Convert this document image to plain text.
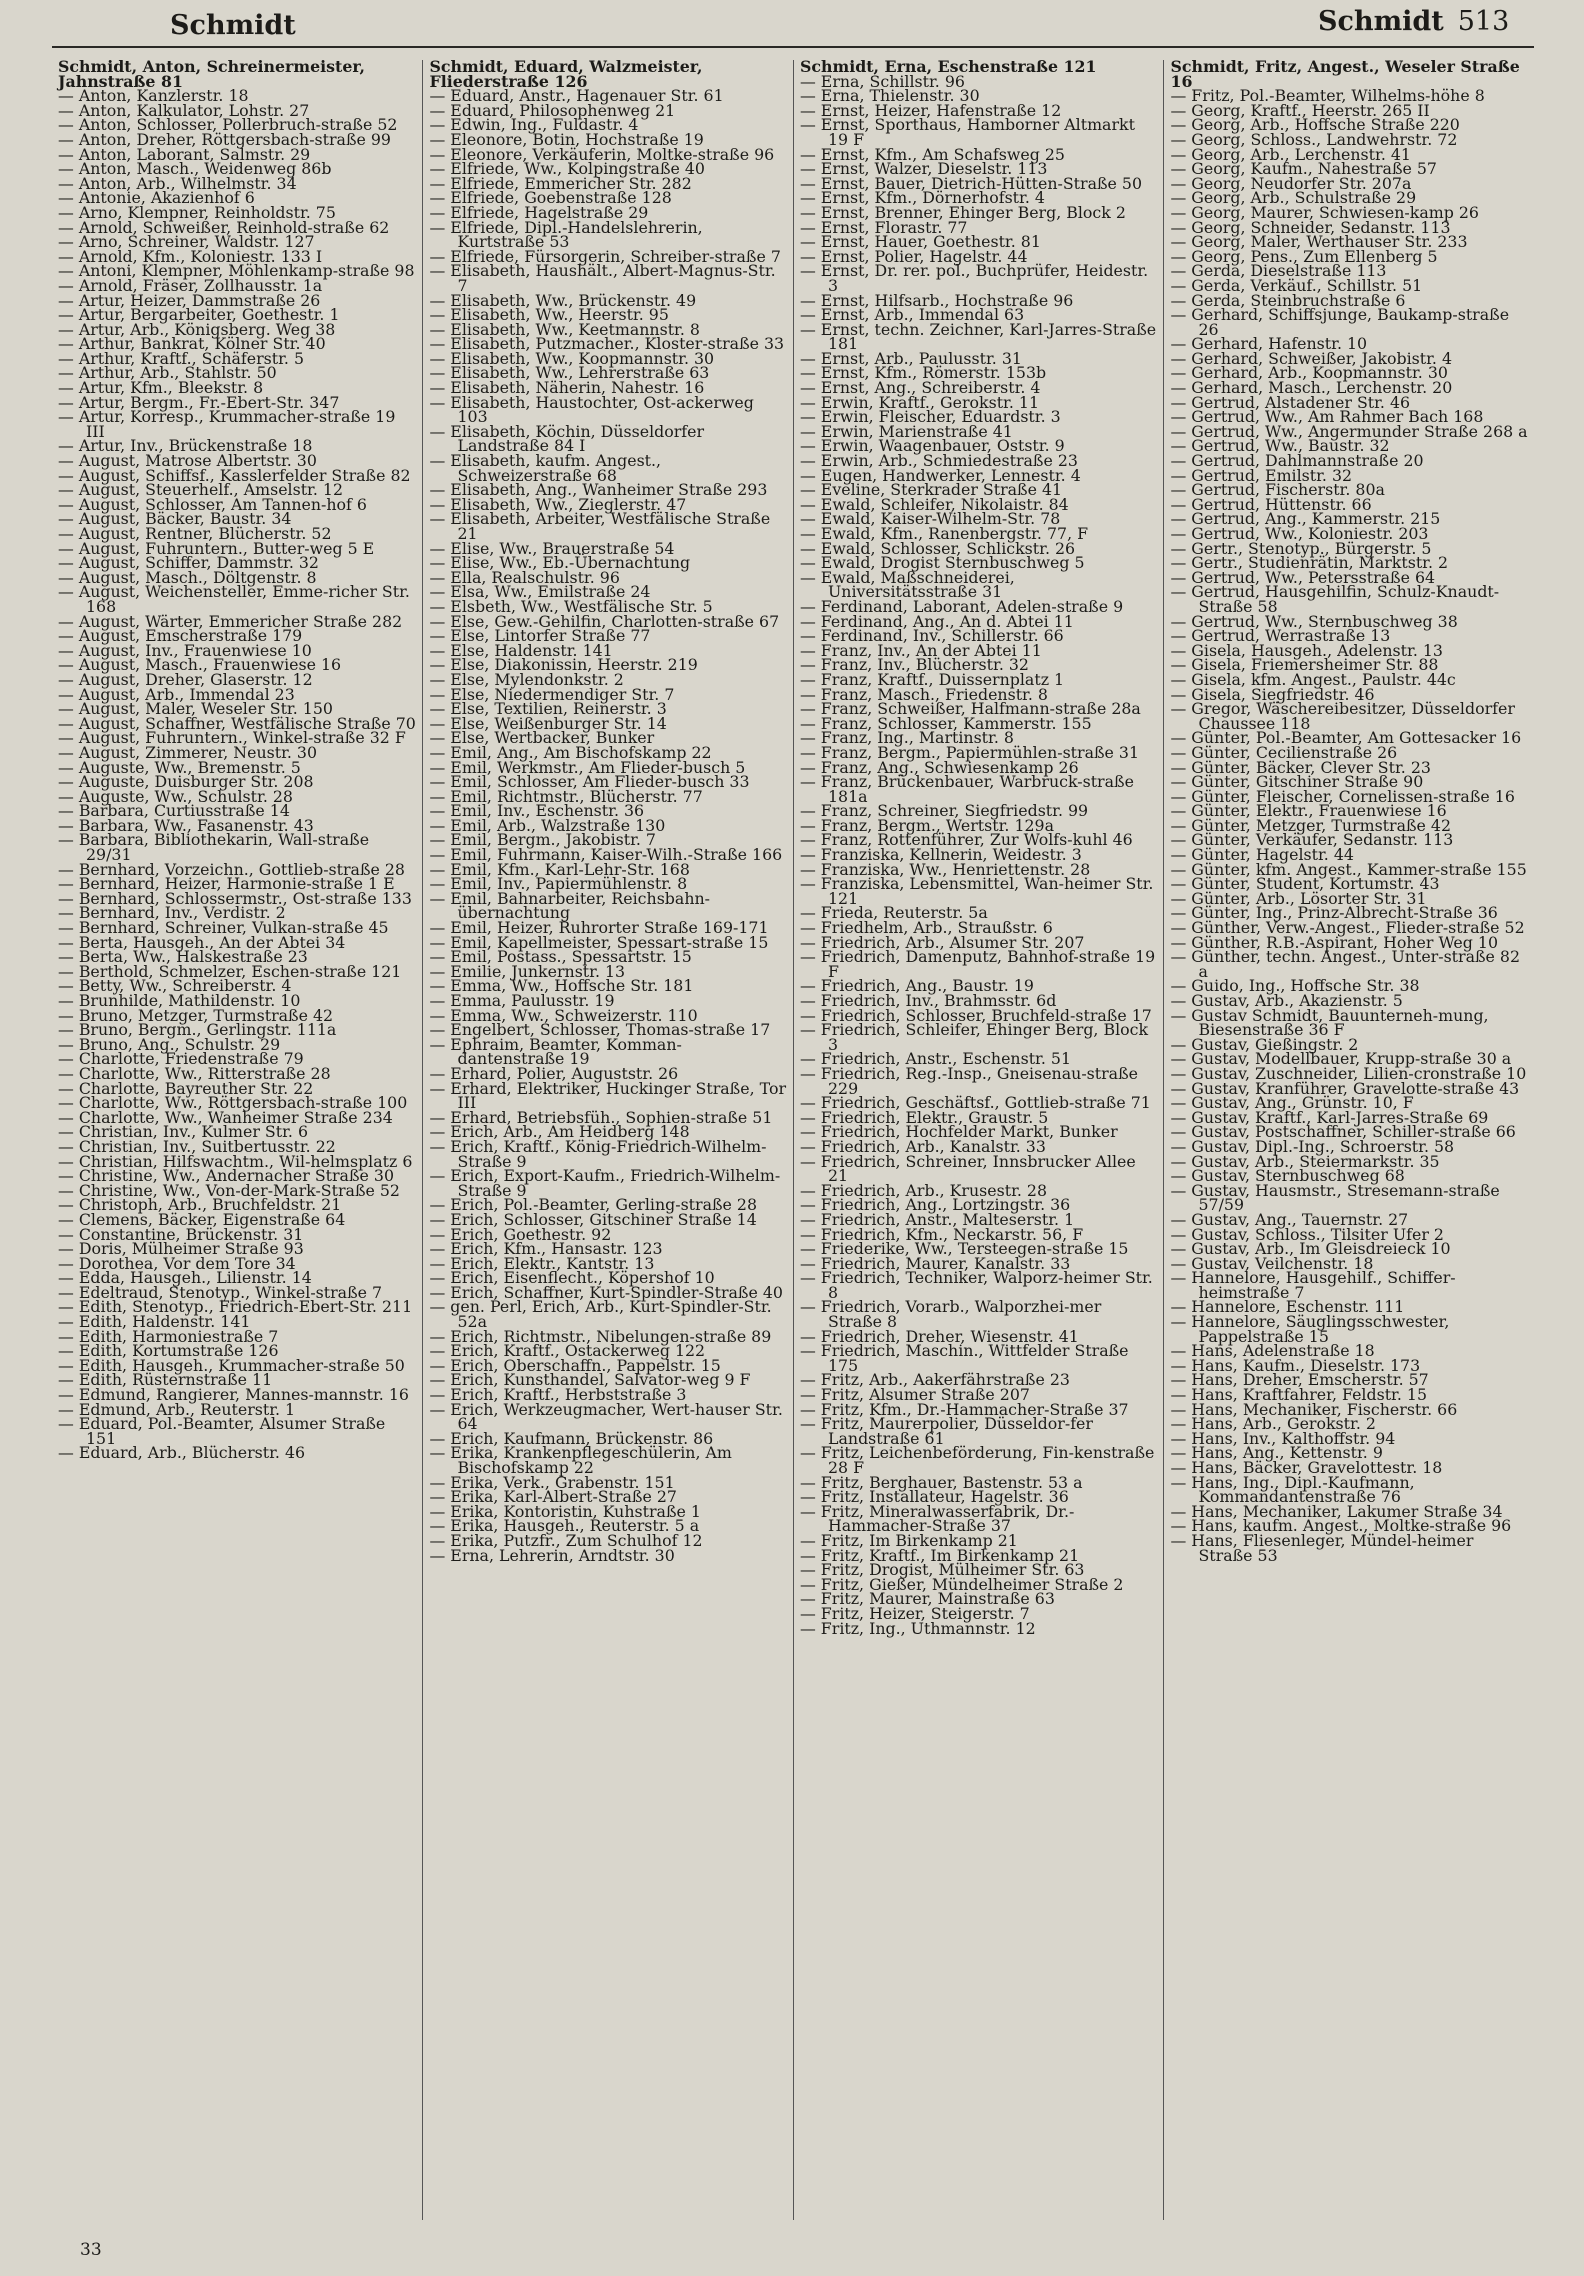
Schmidt	Schmidt 513

Schmidt, Anton, Schreinermeister, Jahnstraße 81

— Anton, Kanzlerstr. 18

— Anton, Kalkulator, Lohstr. 27

— Anton, Schlosser, Pollerbruch-straße 52

— Anton, Dreher, Röttgersbach-straße 99

— Anton, Laborant, Salmstr. 29

— Anton, Masch., Weidenweg 86b

— Anton, Arb., Wilhelmstr. 34

— Antonie, Akazienhof 6

— Arno, Klempner, Reinholdstr. 75

— Arnold, Schweißer, Reinhold-straße 62

— Arno, Schreiner, Waldstr. 127

— Arnold, Kfm., Koloniestr. 133 I

— Antoni, Klempner, Möhlenkamp-straße 98

— Arnold, Fräser, Zollhausstr. 1a

— Artur, Heizer, Dammstraße 26

— Artur, Bergarbeiter, Goethestr. 1

— Artur, Arb., Königsberg. Weg 38

— Arthur, Bankrat, Kölner Str. 40

— Arthur, Kraftf., Schäferstr. 5

— Arthur, Arb., Stahlstr. 50

— Artur, Kfm., Bleekstr. 8

— Artur, Bergm., Fr.-Ebert-Str. 347

— Artur, Korresp., Krummacher-straße 19 III

— Artur, Inv., Brückenstraße 18

— August, Matrose Albertstr. 30

— August, Schiffsf., Kasslerfelder Straße 82

— August, Steuerhelf., Amselstr. 12

— August, Schlosser, Am Tannen-hof 6

— August, Bäcker, Baustr. 34

— August, Rentner, Blücherstr. 52

— August, Fuhruntern., Butter-weg 5 E

— August, Schiffer, Dammstr. 32

— August, Masch., Döltgenstr. 8

— August, Weichensteller, Emme-richer Str. 168

— August, Wärter, Emmericher Straße 282

— August, Emscherstraße 179

— August, Inv., Frauenwiese 10

— August, Masch., Frauenwiese 16

— August, Dreher, Glaserstr. 12

— August, Arb., Immendal 23

— August, Maler, Weseler Str. 150

— August, Schaffner, Westfälische Straße 70

— August, Fuhruntern., Winkel-straße 32 F

— August, Zimmerer, Neustr. 30

— Auguste, Ww., Bremenstr. 5

— Auguste, Duisburger Str. 208

— Auguste, Ww., Schulstr. 28

— Barbara, Curtiusstraße 14

— Barbara, Ww., Fasanenstr. 43

— Barbara, Bibliothekarin, Wall-straße 29/31

— Bernhard, Vorzeichn., Gottlieb-straße 28

— Bernhard, Heizer, Harmonie-straße 1 E

— Bernhard, Schlossermstr., Ost-straße 133

— Bernhard, Inv., Verdistr. 2

— Bernhard, Schreiner, Vulkan-straße 45

— Berta, Hausgeh., An der Abtei 34

— Berta, Ww., Halskestraße 23

— Berthold, Schmelzer, Eschen-straße 121

— Betty, Ww., Schreiberstr. 4

— Brunhilde, Mathildenstr. 10

— Bruno, Metzger, Turmstraße 42

— Bruno, Bergm., Gerlingstr. 111a

— Bruno, Ang., Schulstr. 29

— Charlotte, Friedenstraße 79

— Charlotte, Ww., Ritterstraße 28

— Charlotte, Bayreuther Str. 22

— Charlotte, Ww., Röttgersbach-straße 100

— Charlotte, Ww., Wanheimer Straße 234

— Christian, Inv., Kulmer Str. 6

— Christian, Inv., Suitbertusstr. 22

— Christian, Hilfswachtm., Wil-helmsplatz 6

— Christine, Ww., Andernacher Straße 30

— Christine, Ww., Von-der-Mark-Straße 52

— Christoph, Arb., Bruchfeldstr. 21

— Clemens, Bäcker, Eigenstraße 64

— Constantine, Brückenstr. 31

— Doris, Mülheimer Straße 93

— Dorothea, Vor dem Tore 34

— Edda, Hausgeh., Lilienstr. 14

— Edeltraud, Stenotyp., Winkel-straße 7

— Edith, Stenotyp., Friedrich-Ebert-Str. 211

— Edith, Haldenstr. 141

— Edith, Harmoniestraße 7

— Edith, Kortumstraße 126

— Edith, Hausgeh., Krummacher-straße 50

— Edith, Rüsternstraße 11

— Edmund, Rangierer, Mannes-mannstr. 16

— Edmund, Arb., Reuterstr. 1

— Eduard, Pol.-Beamter, Alsumer Straße 151

— Eduard, Arb., Blücherstr. 46

Schmidt, Eduard, Walzmeister, Fliederstraße 126

— Eduard, Anstr., Hagenauer Str. 61

— Eduard, Philosophenweg 21

— Edwin, Ing., Fuldastr. 4

— Eleonore, Botin, Hochstraße 19

— Eleonore, Verkäuferin, Moltke-straße 96

— Elfriede, Ww., Kolpingstraße 40

— Elfriede, Emmericher Str. 282

— Elfriede, Goebenstraße 128

— Elfriede, Hagelstraße 29

— Elfriede, Dipl.-Handelslehrerin, Kurtstraße 53

— Elfriede, Fürsorgerin, Schreiber-straße 7

— Elisabeth, Haushält., Albert-Magnus-Str. 7

— Elisabeth, Ww., Brückenstr. 49

— Elisabeth, Ww., Heerstr. 95

— Elisabeth, Ww., Keetmannstr. 8

— Elisabeth, Putzmacher., Kloster-straße 33

— Elisabeth, Ww., Koopmannstr. 30

— Elisabeth, Ww., Lehrerstraße 63

— Elisabeth, Näherin, Nahestr. 16

— Elisabeth, Haustochter, Ost-ackerweg 103

— Elisabeth, Köchin, Düsseldorfer Landstraße 84 I

— Elisabeth, kaufm. Angest., Schweizerstraße 68

— Elisabeth, Ang., Wanheimer Straße 293

— Elisabeth, Ww., Zieglerstr. 47

— Elisabeth, Arbeiter, Westfälische Straße 21

— Elise, Ww., Brauerstraße 54

— Elise, Ww., Eb.-Übernachtung

— Ella, Realschulstr. 96

— Elsa, Ww., Emilstraße 24

— Elsbeth, Ww., Westfälische Str. 5

— Else, Gew.-Gehilfin, Charlotten-straße 67

— Else, Lintorfer Straße 77

— Else, Haldenstr. 141

— Else, Diakonissin, Heerstr. 219

— Else, Mylendonkstr. 2

— Else, Niedermendiger Str. 7

— Else, Textilien, Reinerstr. 3

— Else, Weißenburger Str. 14

— Else, Wertbacker, Bunker

— Emil, Ang., Am Bischofskamp 22

— Emil, Werkmstr., Am Flieder-busch 5

— Emil, Schlosser, Am Flieder-busch 33

— Emil, Richtmstr., Blücherstr. 77

— Emil, Inv., Eschenstr. 36

— Emil, Arb., Walzstraße 130

— Emil, Bergm., Jakobistr. 7

— Emil, Fuhrmann, Kaiser-Wilh.-Straße 166

— Emil, Kfm., Karl-Lehr-Str. 168

— Emil, Inv., Papiermühlenstr. 8

— Emil, Bahnarbeiter, Reichsbahn-übernachtung

— Emil, Heizer, Ruhrorter Straße 169-171

— Emil, Kapellmeister, Spessart-straße 15

— Emil, Postass., Spessartstr. 15

— Emilie, Junkernstr. 13

— Emma, Ww., Hoffsche Str. 181

— Emma, Paulusstr. 19

— Emma, Ww., Schweizerstr. 110

— Engelbert, Schlosser, Thomas-straße 17

— Ephraim, Beamter, Komman-dantenstraße 19

— Erhard, Polier, Auguststr. 26

— Erhard, Elektriker, Huckinger Straße, Tor III

— Erhard, Betriebsfüh., Sophien-straße 51

— Erich, Arb., Am Heidberg 148

— Erich, Kraftf., König-Friedrich-Wilhelm-Straße 9

— Erich, Export-Kaufm., Friedrich-Wilhelm-Straße 9

— Erich, Pol.-Beamter, Gerling-straße 28

— Erich, Schlosser, Gitschiner Straße 14

— Erich, Goethestr. 92

— Erich, Kfm., Hansastr. 123

— Erich, Elektr., Kantstr. 13

— Erich, Eisenflecht., Köpershof 10

— Erich, Schaffner, Kurt-Spindler-Straße 40

— gen. Perl, Erich, Arb., Kurt-Spindler-Str. 52a

— Erich, Richtmstr., Nibelungen-straße 89

— Erich, Kraftf., Ostackerweg 122

— Erich, Oberschaffn., Pappelstr. 15

— Erich, Kunsthandel, Salvator-weg 9 F

— Erich, Kraftf., Herbststraße 3

— Erich, Werkzeugmacher, Wert-hauser Str. 64

— Erich, Kaufmann, Brückenstr. 86

— Erika, Krankenpflegeschülerin, Am Bischofskamp 22

— Erika, Verk., Grabenstr. 151

— Erika, Karl-Albert-Straße 27

— Erika, Kontoristin, Kuhstraße 1

— Erika, Hausgeh., Reuterstr. 5 a

— Erika, Putzfr., Zum Schulhof 12

— Erna, Lehrerin, Arndtstr. 30

Schmidt, Erna, Eschenstraße 121

— Erna, Schillstr. 96

— Erna, Thielenstr. 30

— Ernst, Heizer, Hafenstraße 12

— Ernst, Sporthaus, Hamborner Altmarkt 19 F

— Ernst, Kfm., Am Schafsweg 25

— Ernst, Walzer, Dieselstr. 113

— Ernst, Bauer, Dietrich-Hütten-Straße 50

— Ernst, Kfm., Dörnerhofstr. 4

— Ernst, Brenner, Ehinger Berg, Block 2

— Ernst, Florastr. 77

— Ernst, Hauer, Goethestr. 81

— Ernst, Polier, Hagelstr. 44

— Ernst, Dr. rer. pol., Buchprüfer, Heidestr. 3

— Ernst, Hilfsarb., Hochstraße 96

— Ernst, Arb., Immendal 63

— Ernst, techn. Zeichner, Karl-Jarres-Straße 181

— Ernst, Arb., Paulusstr. 31

— Ernst, Kfm., Römerstr. 153b

— Ernst, Ang., Schreiberstr. 4

— Erwin, Kraftf., Gerokstr. 11

— Erwin, Fleischer, Eduardstr. 3

— Erwin, Marienstraße 41

— Erwin, Waagenbauer, Oststr. 9

— Erwin, Arb., Schmiedestraße 23

— Eugen, Handwerker, Lennestr. 4

— Eveline, Sterkrader Straße 41

— Ewald, Schleifer, Nikolaistr. 84

— Ewald, Kaiser-Wilhelm-Str. 78

— Ewald, Kfm., Ranenbergstr. 77, F

— Ewald, Schlosser, Schlickstr. 26

— Ewald, Drogist Sternbuschweg 5

— Ewald, Maßschneiderei, Universitätsstraße 31

— Ferdinand, Laborant, Adelen-straße 9

— Ferdinand, Ang., An d. Abtei 11

— Ferdinand, Inv., Schillerstr. 66

— Franz, Inv., An der Abtei 11

— Franz, Inv., Blücherstr. 32

— Franz, Kraftf., Duissernplatz 1

— Franz, Masch., Friedenstr. 8

— Franz, Schweißer, Halfmann-straße 28a

— Franz, Schlosser, Kammerstr. 155

— Franz, Ing., Martinstr. 8

— Franz, Bergm., Papiermühlen-straße 31

— Franz, Ang., Schwiesenkamp 26

— Franz, Brückenbauer, Warbruck-straße 181a

— Franz, Schreiner, Siegfriedstr. 99

— Franz, Bergm., Wertstr. 129a

— Franz, Rottenführer, Zur Wolfs-kuhl 46

— Franziska, Kellnerin, Weidestr. 3

— Franziska, Ww., Henriettenstr. 28

— Franziska, Lebensmittel, Wan-heimer Str. 121

— Frieda, Reuterstr. 5a

— Friedhelm, Arb., Straußstr. 6

— Friedrich, Arb., Alsumer Str. 207

— Friedrich, Damenputz, Bahnhof-straße 19 F

— Friedrich, Ang., Baustr. 19

— Friedrich, Inv., Brahmsstr. 6d

— Friedrich, Schlosser, Bruchfeld-straße 17

— Friedrich, Schleifer, Ehinger Berg, Block 3

— Friedrich, Anstr., Eschenstr. 51

— Friedrich, Reg.-Insp., Gneisenau-straße 229

— Friedrich, Geschäftsf., Gottlieb-straße 71

— Friedrich, Elektr., Graustr. 5

— Friedrich, Hochfelder Markt, Bunker

— Friedrich, Arb., Kanalstr. 33

— Friedrich, Schreiner, Innsbrucker Allee 21

— Friedrich, Arb., Krusestr. 28

— Friedrich, Ang., Lortzingstr. 36

— Friedrich, Anstr., Malteserstr. 1

— Friedrich, Kfm., Neckarstr. 56, F

— Friederike, Ww., Tersteegen-straße 15

— Friedrich, Maurer, Kanalstr. 33

— Friedrich, Techniker, Walporz-heimer Str. 8

— Friedrich, Vorarb., Walporzhei-mer Straße 8

— Friedrich, Dreher, Wiesenstr. 41

— Friedrich, Maschin., Wittfelder Straße 175

— Fritz, Arb., Aakerfährstraße 23

— Fritz, Alsumer Straße 207

— Fritz, Kfm., Dr.-Hammacher-Straße 37

— Fritz, Maurerpolier, Düsseldor-fer Landstraße 61

— Fritz, Leichenbeförderung, Fin-kenstraße 28 F

— Fritz, Berghauer, Bastenstr. 53 a

— Fritz, Installateur, Hagelstr. 36

— Fritz, Mineralwasserfabrik, Dr.-Hammacher-Straße 37

— Fritz, Im Birkenkamp 21

— Fritz, Kraftf., Im Birkenkamp 21

— Fritz, Drogist, Mülheimer Str. 63

— Fritz, Gießer, Mündelheimer Straße 2

— Fritz, Maurer, Mainstraße 63

— Fritz, Heizer, Steigerstr. 7

— Fritz, Ing., Uthmannstr. 12

Schmidt, Fritz, Angest., Weseler Straße 16

— Fritz, Pol.-Beamter, Wilhelms-höhe 8

— Georg, Kraftf., Heerstr. 265 II

— Georg, Arb., Hoffsche Straße 220

— Georg, Schloss., Landwehrstr. 72

— Georg, Arb., Lerchenstr. 41

— Georg, Kaufm., Nahestraße 57

— Georg, Neudorfer Str. 207a

— Georg, Arb., Schulstraße 29

— Georg, Maurer, Schwiesen-kamp 26

— Georg, Schneider, Sedanstr. 113

— Georg, Maler, Werthauser Str. 233

— Georg, Pens., Zum Ellenberg 5

— Gerda, Dieselstraße 113

— Gerda, Verkäuf., Schillstr. 51

— Gerda, Steinbruchstraße 6

— Gerhard, Schiffsjunge, Baukamp-straße 26

— Gerhard, Hafenstr. 10

— Gerhard, Schweißer, Jakobistr. 4

— Gerhard, Arb., Koopmannstr. 30

— Gerhard, Masch., Lerchenstr. 20

— Gertrud, Alstadener Str. 46

— Gertrud, Ww., Am Rahmer Bach 168

— Gertrud, Ww., Angermunder Straße 268 a

— Gertrud, Ww., Baustr. 32

— Gertrud, Dahlmannstraße 20

— Gertrud, Emilstr. 32

— Gertrud, Fischerstr. 80a

— Gertrud, Hüttenstr. 66

— Gertrud, Ang., Kammerstr. 215

— Gertrud, Ww., Koloniestr. 203

— Gertr., Stenotyp., Bürgerstr. 5

— Gertr., Studienrätin, Marktstr. 2

— Gertrud, Ww., Petersstraße 64

— Gertrud, Hausgehilfin, Schulz-Knaudt-Straße 58

— Gertrud, Ww., Sternbuschweg 38

— Gertrud, Werrastraße 13

— Gisela, Hausgeh., Adelenstr. 13

— Gisela, Friemersheimer Str. 88

— Gisela, kfm. Angest., Paulstr. 44c

— Gisela, Siegfriedstr. 46

— Gregor, Wäschereibesitzer, Düsseldorfer Chaussee 118

— Günter, Pol.-Beamter, Am Gottesacker 16

— Günter, Cecilienstraße 26

— Günter, Bäcker, Clever Str. 23

— Günter, Gitschiner Straße 90

— Günter, Fleischer, Cornelissen-straße 16

— Günter, Elektr., Frauenwiese 16

— Günter, Metzger, Turmstraße 42

— Günter, Verkäufer, Sedanstr. 113

— Günter, Hagelstr. 44

— Günter, kfm. Angest., Kammer-straße 155

— Günter, Student, Kortumstr. 43

— Günter, Arb., Lösorter Str. 31

— Günter, Ing., Prinz-Albrecht-Straße 36

— Günther, Verw.-Angest., Flieder-straße 52

— Günther, R.B.-Aspirant, Hoher Weg 10

— Günther, techn. Angest., Unter-straße 82 a

— Guido, Ing., Hoffsche Str. 38

— Gustav, Arb., Akazienstr. 5

— Gustav Schmidt, Bauunterneh-mung, Biesenstraße 36 F

— Gustav, Gießingstr. 2

— Gustav, Modellbauer, Krupp-straße 30 a

— Gustav, Zuschneider, Lilien-cronstraße 10

— Gustav, Kranführer, Gravelotte-straße 43

— Gustav, Ang., Grünstr. 10, F

— Gustav, Kraftf., Karl-Jarres-Straße 69

— Gustav, Postschaffner, Schiller-straße 66

— Gustav, Dipl.-Ing., Schroerstr. 58

— Gustav, Arb., Steiermarkstr. 35

— Gustav, Sternbuschweg 68

— Gustav, Hausmstr., Stresemann-straße 57/59

— Gustav, Ang., Tauernstr. 27

— Gustav, Schloss., Tilsiter Ufer 2

— Gustav, Arb., Im Gleisdreieck 10

— Gustav, Veilchenstr. 18

— Hannelore, Hausgehilf., Schiffer-heimstraße 7

— Hannelore, Eschenstr. 111

— Hannelore, Säuglingsschwester, Pappelstraße 15

— Hans, Adelenstraße 18

— Hans, Kaufm., Dieselstr. 173

— Hans, Dreher, Emscherstr. 57

— Hans, Kraftfahrer, Feldstr. 15

— Hans, Mechaniker, Fischerstr. 66

— Hans, Arb., Gerokstr. 2

— Hans, Inv., Kalthoffstr. 94

— Hans, Ang., Kettenstr. 9

— Hans, Bäcker, Gravelottestr. 18

— Hans, Ing., Dipl.-Kaufmann, Kommandantenstraße 76

— Hans, Mechaniker, Lakumer Straße 34

— Hans, kaufm. Angest., Moltke-straße 96

— Hans, Fliesenleger, Mündel-heimer Straße 53

33
